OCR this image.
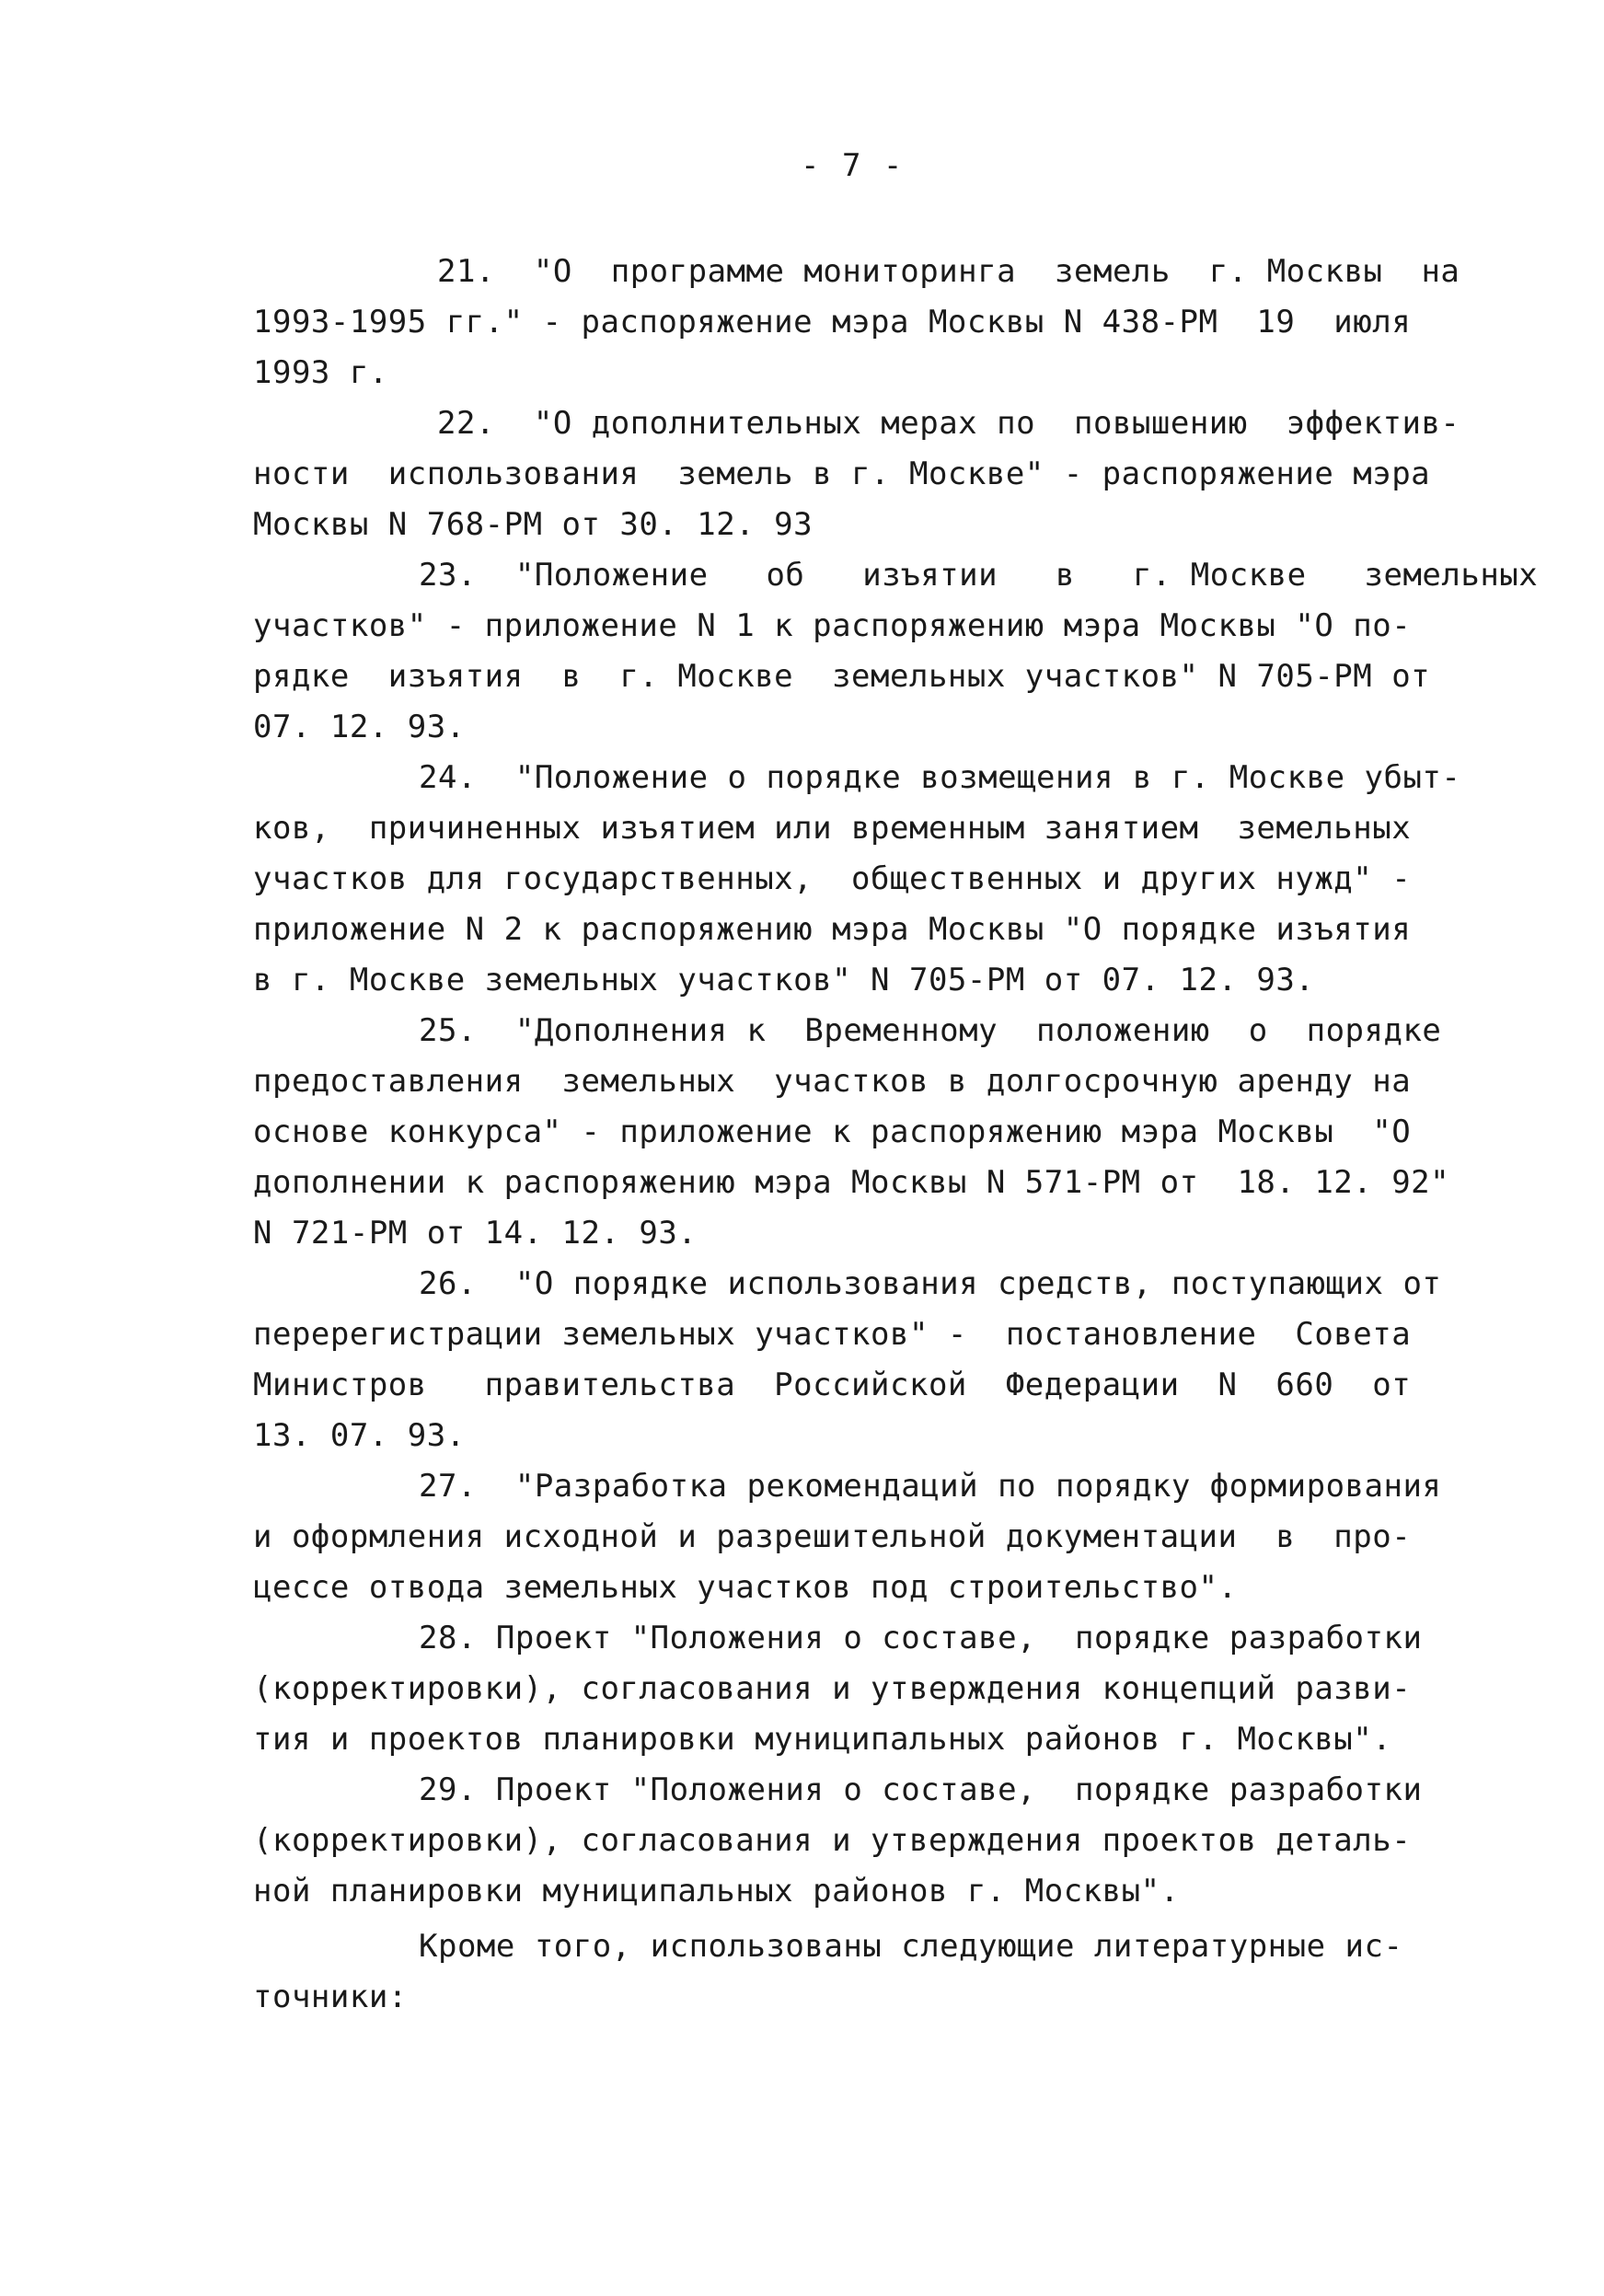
- 7 -
21.  "О  программе мониторинга  земель  г. Москвы  на
1993-1995 гг." - распоряжение мэра Москвы N 438-РМ  19  июля
1993 г.
22.  "О дополнительных мерах по  повышению  эффектив-
ности  использования  земель в г. Москве" - распоряжение мэра
Москвы N 768-РМ от 30. 12. 93
23.  "Положение   об   изъятии   в   г. Москве   земельных
участков" - приложение N 1 к распоряжению мэра Москвы "О по-
рядке  изъятия  в  г. Москве  земельных участков" N 705-РМ от
07. 12. 93.
24.  "Положение о порядке возмещения в г. Москве убыт-
ков,  причиненных изъятием или временным занятием  земельных
участков для государственных,  общественных и других нужд" -
приложение N 2 к распоряжению мэра Москвы "О порядке изъятия
в г. Москве земельных участков" N 705-РМ от 07. 12. 93.
25.  "Дополнения к  Временному  положению  о  порядке
предоставления  земельных  участков в долгосрочную аренду на
основе конкурса" - приложение к распоряжению мэра Москвы  "О
дополнении к распоряжению мэра Москвы N 571-РМ от  18. 12. 92"
N 721-РМ от 14. 12. 93.
26.  "О порядке использования средств, поступающих от
перерегистрации земельных участков" -  постановление  Совета
Министров   правительства  Российской  Федерации  N  660  от
13. 07. 93.
27.  "Разработка рекомендаций по порядку формирования
и оформления исходной и разрешительной документации  в  про-
цессе отвода земельных участков под строительство".
28. Проект "Положения о составе,  порядке разработки
(корректировки), согласования и утверждения концепций разви-
тия и проектов планировки муниципальных районов г. Москвы".
29. Проект "Положения о составе,  порядке разработки
(корректировки), согласования и утверждения проектов деталь-
ной планировки муниципальных районов г. Москвы".
Кроме того, использованы следующие литературные ис-
точники:
